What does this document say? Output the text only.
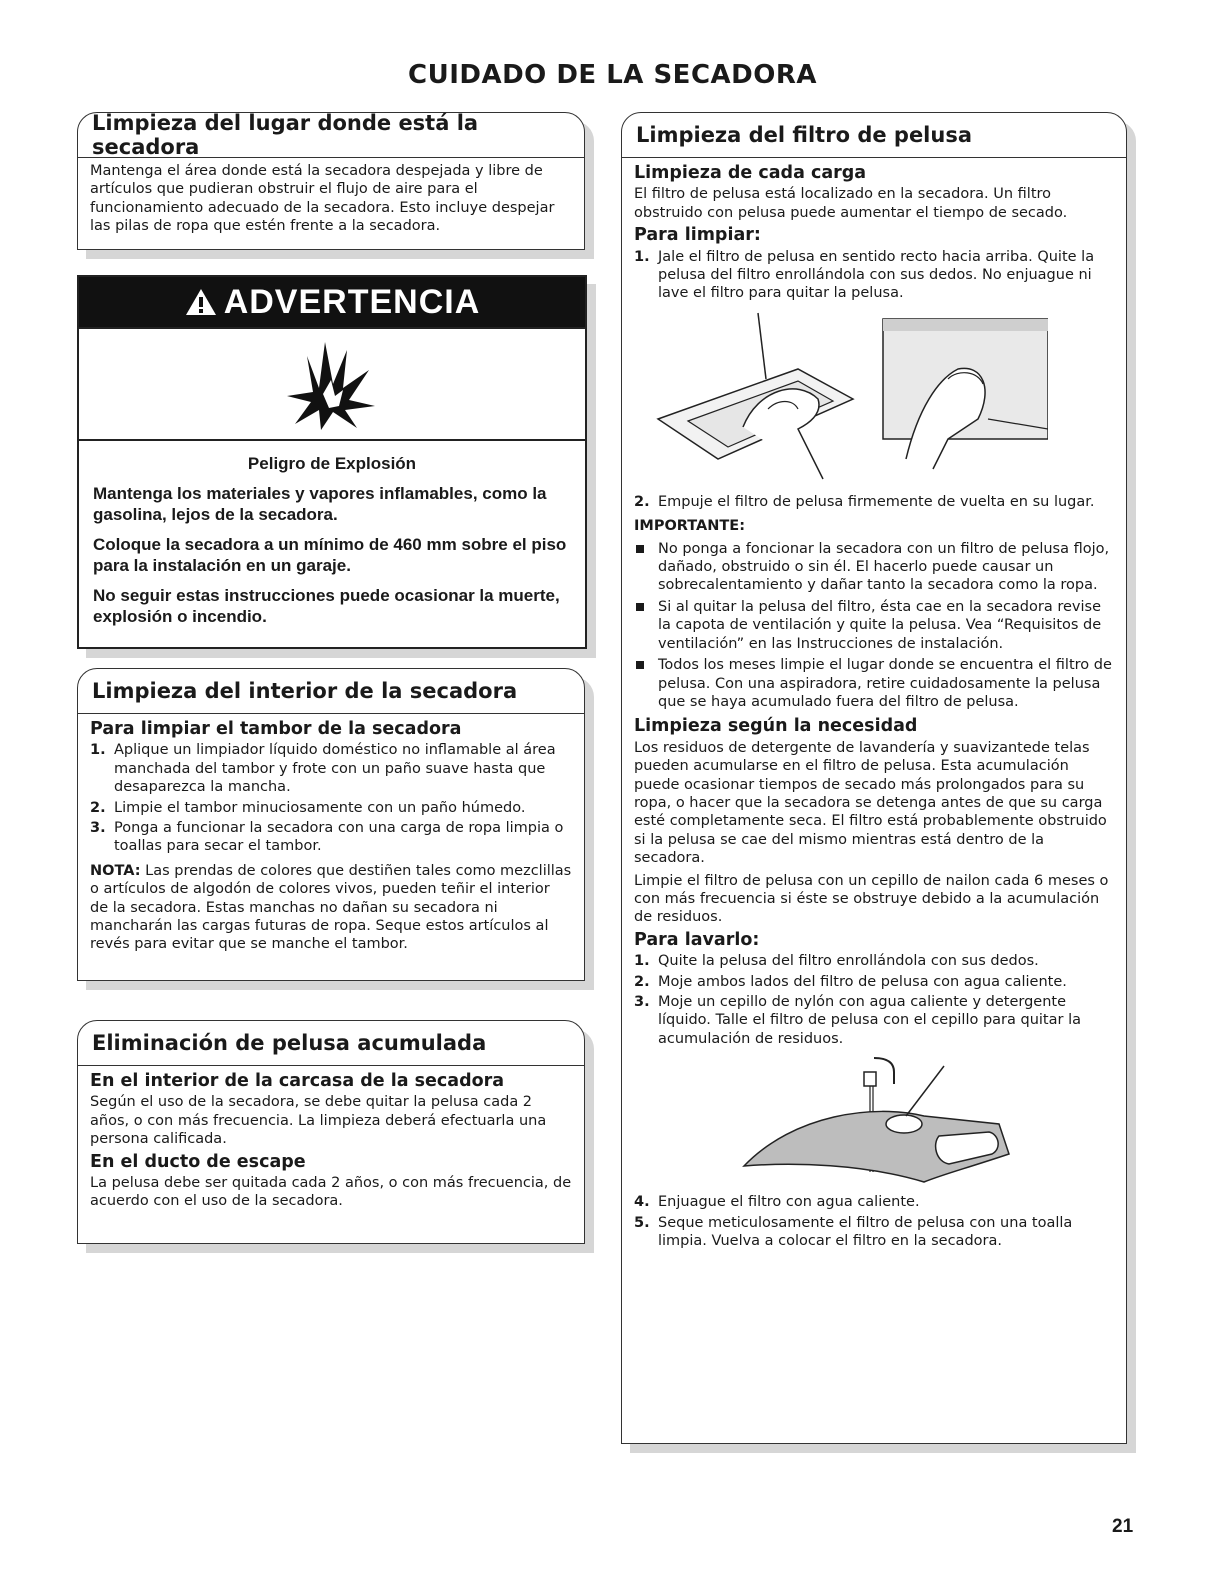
CUIDADO DE LA SECADORA
Limpieza del lugar donde está la secadora

Mantenga el área donde está la secadora despejada y libre de artículos que pudieran obstruir el flujo de aire para el funcionamiento adecuado de la secadora. Esto incluye despejar las pilas de ropa que estén frente a la secadora.

ADVERTENCIA

Peligro de Explosión

Mantenga los materiales y vapores inflamables, como la gasolina, lejos de la secadora.

Coloque la secadora a un mínimo de 460 mm sobre el piso para la instalación en un garaje.

No seguir estas instrucciones puede ocasionar la muerte, explosión o incendio.

Limpieza del interior de la secadora
Para limpiar el tambor de la secadora
1. Aplique un limpiador líquido doméstico no inflamable al área manchada del tambor y frote con un paño suave hasta que desaparezca la mancha.
2. Limpie el tambor minuciosamente con un paño húmedo.
3. Ponga a funcionar la secadora con una carga de ropa limpia o toallas para secar el tambor.

NOTA: Las prendas de colores que destiñen tales como mezclillas o artículos de algodón de colores vivos, pueden teñir el interior de la secadora. Estas manchas no dañan su secadora ni mancharán las cargas futuras de ropa. Seque estos artículos al revés para evitar que se manche el tambor.

Eliminación de pelusa acumulada
En el interior de la carcasa de la secadora

Según el uso de la secadora, se debe quitar la pelusa cada 2 años, o con más frecuencia. La limpieza deberá efectuarla una persona calificada.

En el ducto de escape

La pelusa debe ser quitada cada 2 años, o con más frecuencia, de acuerdo con el uso de la secadora.

Limpieza del filtro de pelusa
Limpieza de cada carga

El filtro de pelusa está localizado en la secadora. Un filtro obstruido con pelusa puede aumentar el tiempo de secado.

Para limpiar:
1. Jale el filtro de pelusa en sentido recto hacia arriba. Quite la pelusa del filtro enrollándola con sus dedos. No enjuague ni lave el filtro para quitar la pelusa.
2. Empuje el filtro de pelusa firmemente de vuelta en su lugar.

IMPORTANTE:

No ponga a foncionar la secadora con un filtro de pelusa flojo, dañado, obstruido o sin él. El hacerlo puede causar un sobrecalentamiento y dañar tanto la secadora como la ropa.
Si al quitar la pelusa del filtro, ésta cae en la secadora revise la capota de ventilación y quite la pelusa. Vea “Requisitos de ventilación” en las Instrucciones de instalación.
Todos los meses limpie el lugar donde se encuentra el filtro de pelusa. Con una aspiradora, retire cuidadosamente la pelusa que se haya acumulado fuera del filtro de pelusa.
Limpieza según la necesidad

Los residuos de detergente de lavandería y suavizantede telas pueden acumularse en el filtro de pelusa. Esta acumulación puede ocasionar tiempos de secado más prolongados para su ropa, o hacer que la secadora se detenga antes de que su carga esté completamente seca. El filtro está probablemente obstruido si la pelusa se cae del mismo mientras está dentro de la secadora.

Limpie el filtro de pelusa con un cepillo de nailon cada 6 meses o con más frecuencia si éste se obstruye debido a la acumulación de residuos.

Para lavarlo:
1. Quite la pelusa del filtro enrollándola con sus dedos.
2. Moje ambos lados del filtro de pelusa con agua caliente.
3. Moje un cepillo de nylón con agua caliente y detergente líquido. Talle el filtro de pelusa con el cepillo para quitar la acumulación de residuos.
4. Enjuague el filtro con agua caliente.
5. Seque meticulosamente el filtro de pelusa con una toalla limpia. Vuelva a colocar el filtro en la secadora.
21
